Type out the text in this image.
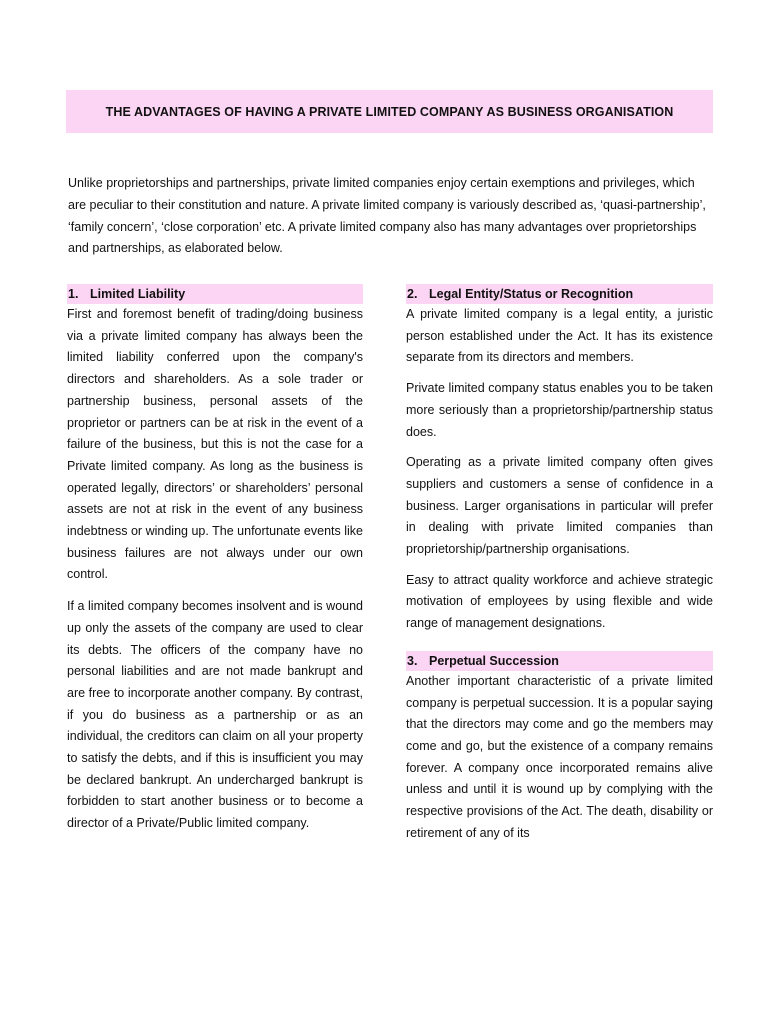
THE ADVANTAGES OF HAVING A PRIVATE LIMITED COMPANY AS BUSINESS ORGANISATION

Unlike proprietorships and partnerships, private limited companies enjoy certain exemptions and privileges, which are peculiar to their constitution and nature. A private limited company is variously described as, ‘quasi-partnership’, ‘family concern’, ‘close corporation’ etc. A private limited company also has many advantages over proprietorships and partnerships, as elaborated below.

1. Limited Liability

First and foremost benefit of trading/doing business via a private limited company has always been the limited liability conferred upon the company's directors and shareholders. As a sole trader or partnership business, personal assets of the proprietor or partners can be at risk in the event of a failure of the business, but this is not the case for a Private limited company. As long as the business is operated legally, directors’ or shareholders’ personal assets are not at risk in the event of any business indebtness or winding up. The unfortunate events like business failures are not always under our own control.

If a limited company becomes insolvent and is wound up only the assets of the company are used to clear its debts. The officers of the company have no personal liabilities and are not made bankrupt and are free to incorporate another company. By contrast, if you do business as a partnership or as an individual, the creditors can claim on all your property to satisfy the debts, and if this is insufficient you may be declared bankrupt. An undercharged bankrupt is forbidden to start another business or to become a director of a Private/Public limited company.

2. Legal Entity/Status or Recognition

A private limited company is a legal entity, a juristic person established under the Act. It has its existence separate from its directors and members.

Private limited company status enables you to be taken more seriously than a proprietorship/partnership status does.

Operating as a private limited company often gives suppliers and customers a sense of confidence in a business. Larger organisations in particular will prefer in dealing with private limited companies than proprietorship/partnership organisations.

Easy to attract quality workforce and achieve strategic motivation of employees by using flexible and wide range of management designations.

3. Perpetual Succession

Another important characteristic of a private limited company is perpetual succession. It is a popular saying that the directors may come and go the members may come and go, but the existence of a company remains forever. A company once incorporated remains alive unless and until it is wound up by complying with the respective provisions of the Act. The death, disability or retirement of any of its
